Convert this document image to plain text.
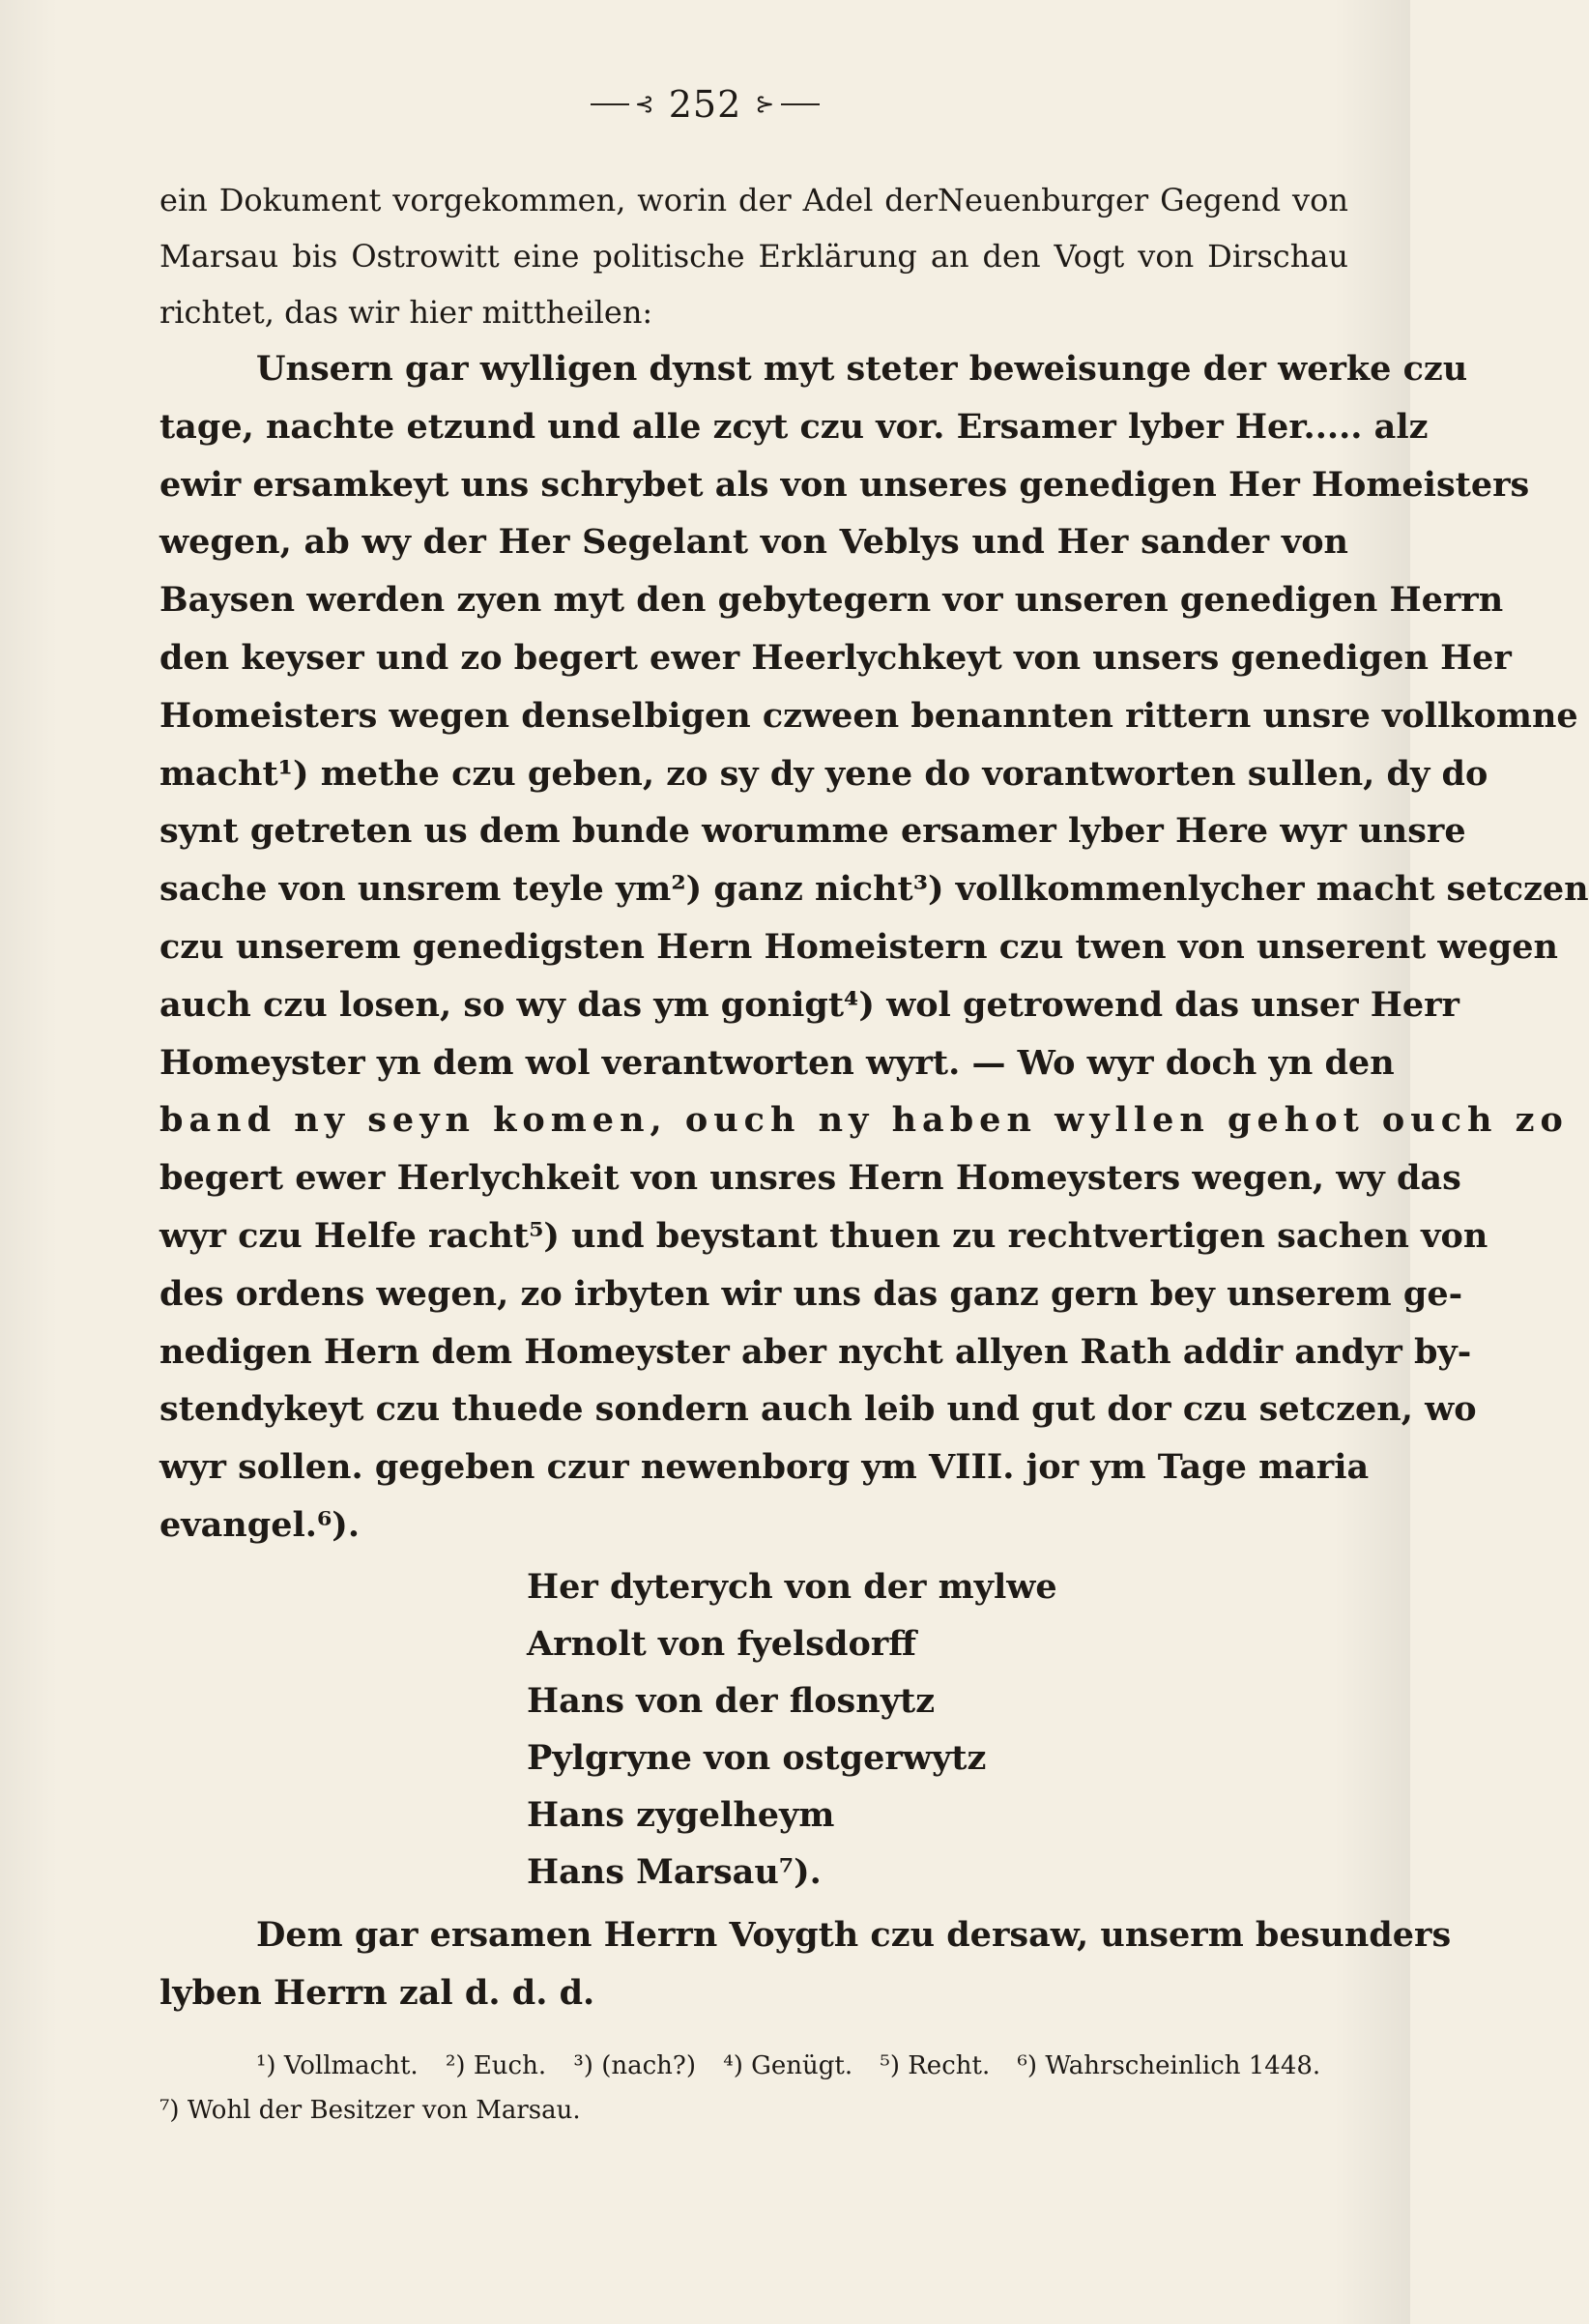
⊰ 252 ⊱
ein Dokument vorgekommen, worin der Adel derNeuenburger Gegend von
Marsau bis Ostrowitt eine politische Erklärung an den Vogt von Dirschau
richtet, das wir hier mittheilen:
Unsern gar wylligen dynst myt steter beweisunge der werke czu
tage, nachte etzund und alle zcyt czu vor. Ersamer lyber Her..... alz
ewir ersamkeyt uns schrybet als von unseres genedigen Her Homeisters
wegen, ab wy der Her Segelant von Veblys und Her sander von
Baysen werden zyen myt den gebytegern vor unseren genedigen Herrn
den keyser und zo begert ewer Heerlychkeyt von unsers genedigen Her
Homeisters wegen denselbigen czween benannten rittern unsre vollkomne
macht¹) methe czu geben, zo sy dy yene do vorantworten sullen, dy do
synt getreten us dem bunde worumme ersamer lyber Here wyr unsre
sache von unsrem teyle ym²) ganz nicht³) vollkommenlycher macht setczen
czu unserem genedigsten Hern Homeistern czu twen von unserent wegen
auch czu losen, so wy das ym gonigt⁴) wol getrowend das unser Herr
Homeyster yn dem wol verantworten wyrt. — Wo wyr doch yn den
band ny seyn komen, ouch ny haben wyllen gehot ouch zo
begert ewer Herlychkeit von unsres Hern Homeysters wegen, wy das
wyr czu Helfe racht⁵) und beystant thuen zu rechtvertigen sachen von
des ordens wegen, zo irbyten wir uns das ganz gern bey unserem ge-
nedigen Hern dem Homeyster aber nycht allyen Rath addir andyr by-
stendykeyt czu thuede sondern auch leib und gut dor czu setczen, wo
wyr sollen. gegeben czur newenborg ym VIII. jor ym Tage maria
evangel.⁶).
Her dyterych von der mylwe
Arnolt von fyelsdorff
Hans von der flosnytz
Pylgryne von ostgerwytz
Hans zygelheym
Hans Marsau⁷).
Dem gar ersamen Herrn Voygth czu dersaw, unserm besunders
lyben Herrn zal d. d. d.
¹) Vollmacht. ²) Euch. ³) (nach?) ⁴) Genügt. ⁵) Recht. ⁶) Wahrscheinlich 1448.
⁷) Wohl der Besitzer von Marsau.
